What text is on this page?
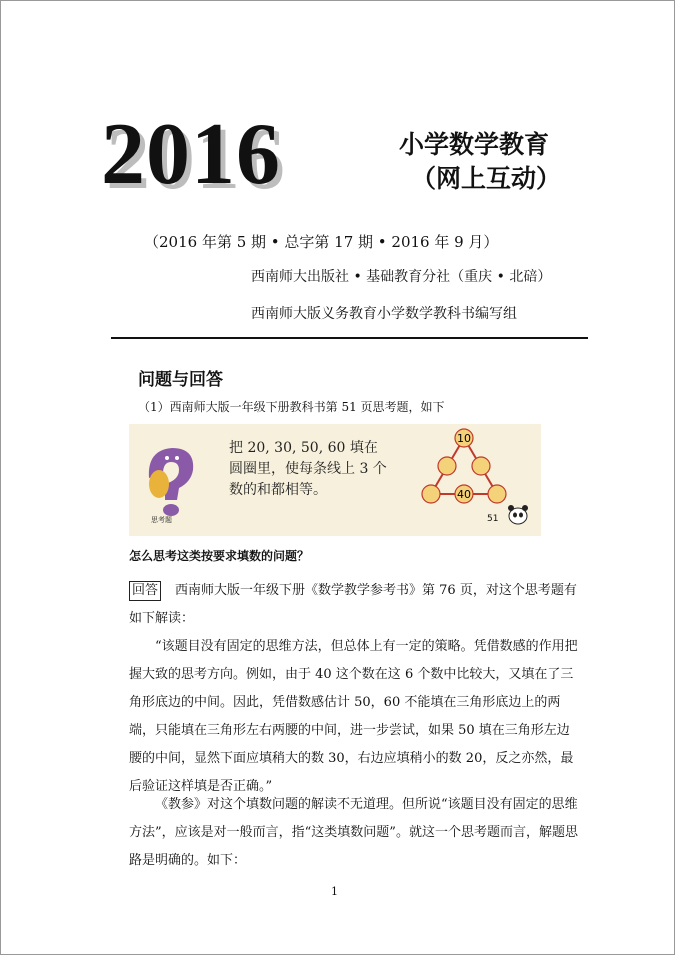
2016	小学数学教育
（网上互动）
（2016 年第 5 期 • 总字第 17 期 • 2016 年 9 月）
西南师大出版社 • 基础教育分社（重庆 • 北碚）
西南师大版义务教育小学数学教科书编写组
问题与回答
（1）西南师大版一年级下册教科书第 51 页思考题，如下
思考题
把 20, 30, 50, 60 填在圆圈里，使每条线上 3 个数的和都相等。
10
40
51
怎么思考这类按要求填数的问题？
回答 西南师大版一年级下册《数学教学参考书》第 76 页，对这个思考题有如下解读：
“该题目没有固定的思维方法，但总体上有一定的策略。凭借数感的作用把握大致的思考方向。例如，由于 40 这个数在这 6 个数中比较大，又填在了三角形底边的中间。因此，凭借数感估计 50，60 不能填在三角形底边上的两端，只能填在三角形左右两腰的中间，进一步尝试，如果 50 填在三角形左边腰的中间，显然下面应填稍大的数 30，右边应填稍小的数 20，反之亦然，最后验证这样填是否正确。”
《教参》对这个填数问题的解读不无道理。但所说“该题目没有固定的思维方法”，应该是对一般而言，指“这类填数问题”。就这一个思考题而言，解题思路是明确的。如下：
1
